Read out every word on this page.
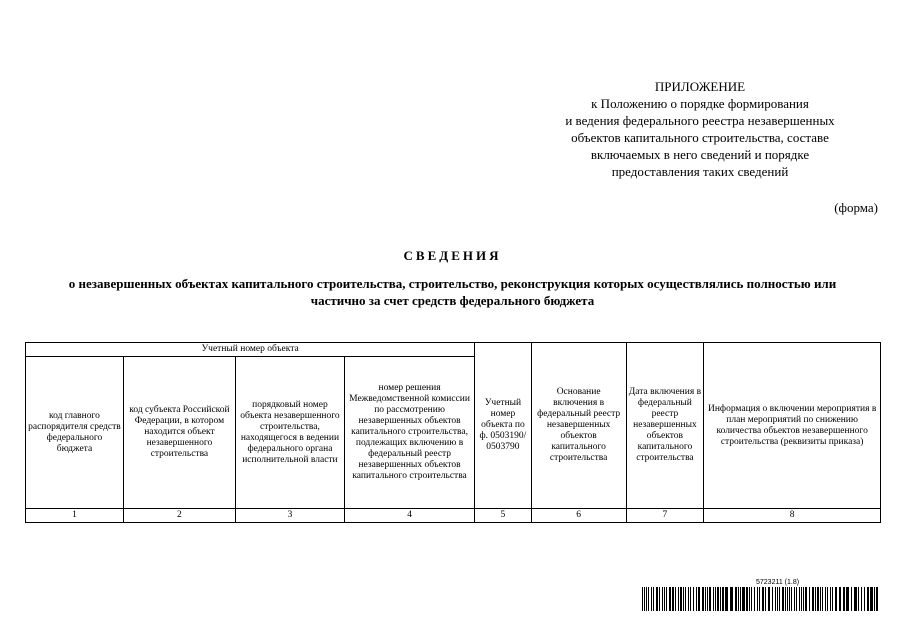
ПРИЛОЖЕНИЕ
к Положению о порядке формирования
и ведения федерального реестра незавершенных
объектов капитального строительства, составе
включаемых в него сведений и порядке
предоставления таких сведений
(форма)
СВЕДЕНИЯ
о незавершенных объектах капитального строительства, строительство, реконструкция которых осуществлялись полностью или частично за счет средств федерального бюджета
Учетный номер объекта				Учетный номер объекта по ф. 0503190/ 0503790	Основание включения в федеральный реестр незавершенных объектов капитального строительства	Дата включения в федеральный реестр незавершенных объектов капитального строительства	Информация о включении мероприятия в план мероприятий по снижению количества объектов незавершенного строительства (реквизиты приказа)
код главного распорядителя средств федерального бюджета	код субъекта Российской Федерации, в котором находится объект незавершенного строительства	порядковый номер объекта незавершенного строительства, находящегося в ведении федерального органа исполнительной власти	номер решения Межведомственной комиссии по рассмотрению незавершенных объектов капитального строительства, подлежащих включению в федеральный реестр незавершенных объектов капитального строительства				
1	2	3	4	5	6	7	8
5723211 (1.8)
